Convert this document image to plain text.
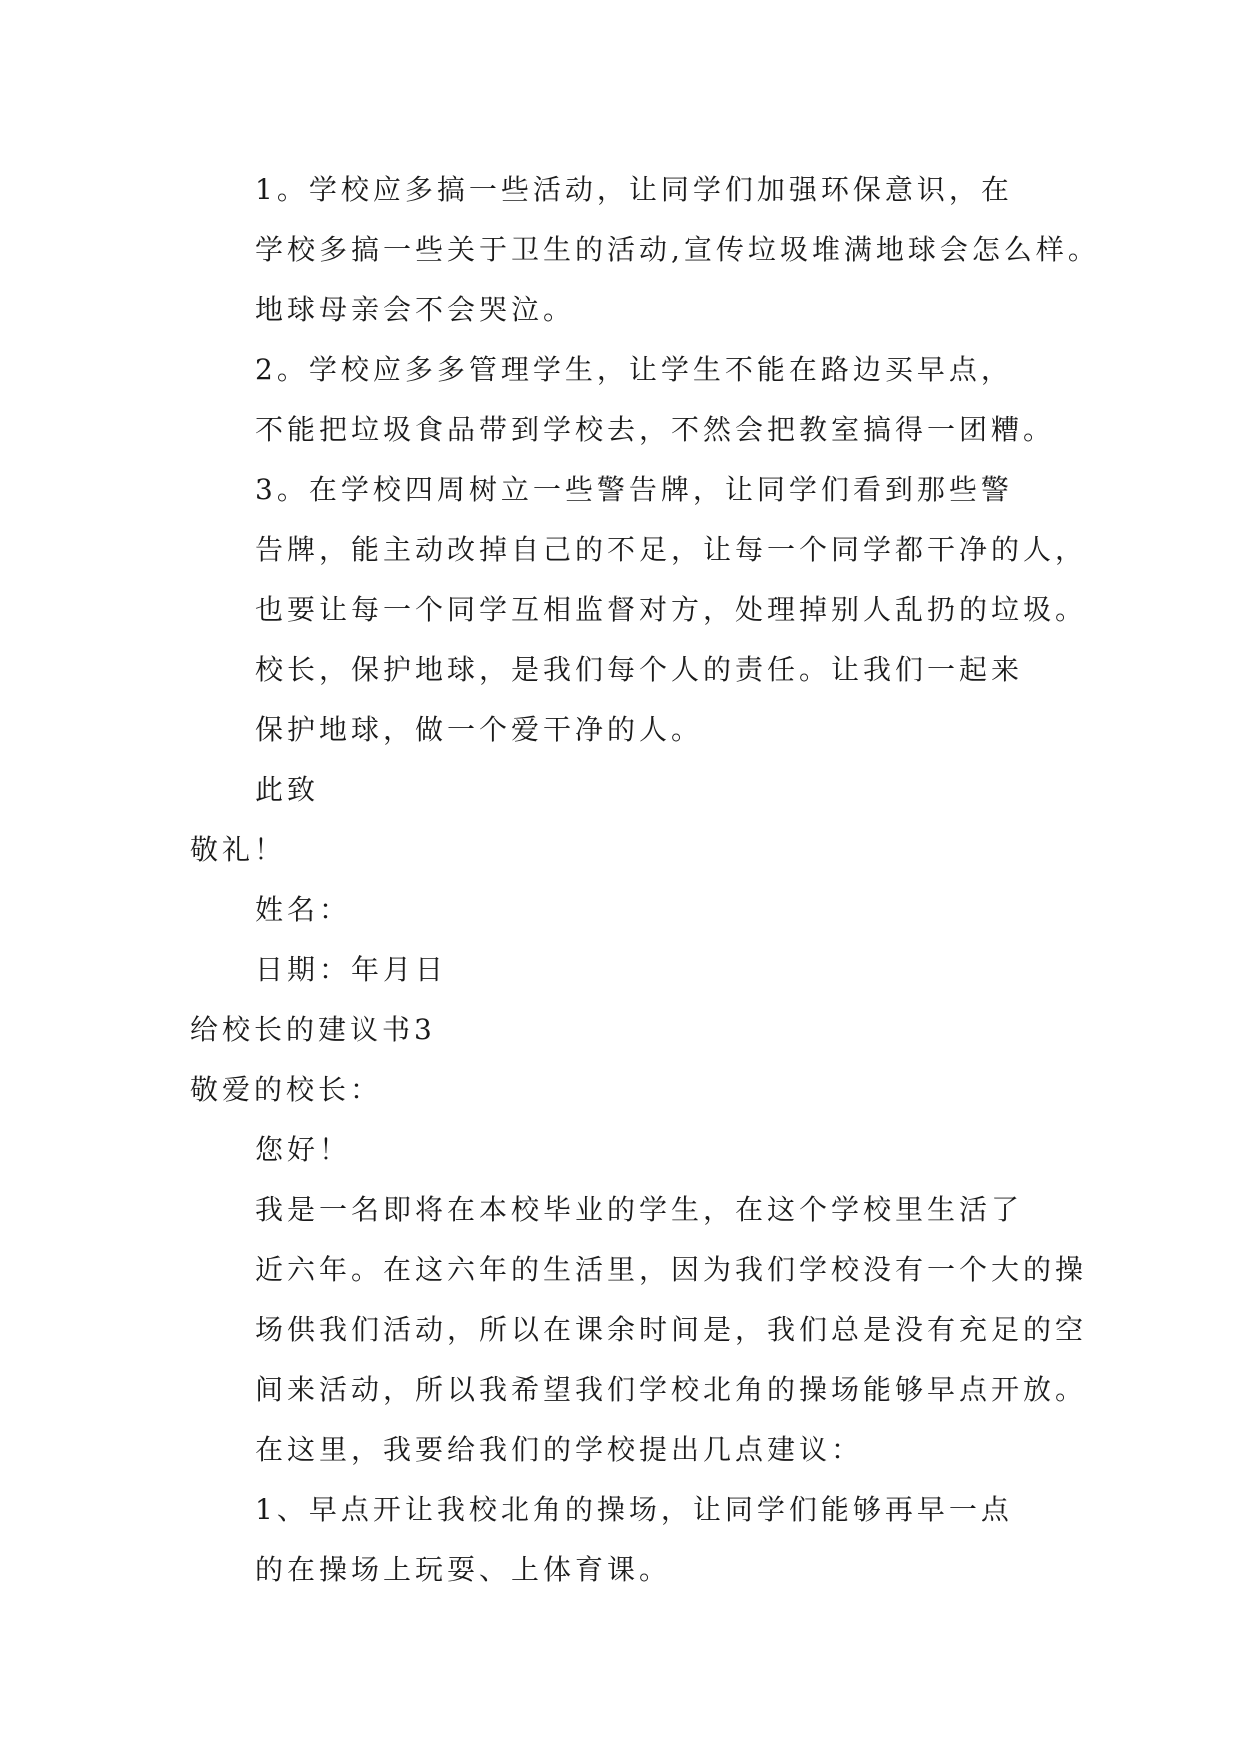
1。学校应多搞一些活动，让同学们加强环保意识，在
学校多搞一些关于卫生的活动,宣传垃圾堆满地球会怎么样。
地球母亲会不会哭泣。
2。学校应多多管理学生，让学生不能在路边买早点，
不能把垃圾食品带到学校去，不然会把教室搞得一团糟。
3。在学校四周树立一些警告牌，让同学们看到那些警
告牌，能主动改掉自己的不足，让每一个同学都干净的人，
也要让每一个同学互相监督对方，处理掉别人乱扔的垃圾。
校长，保护地球，是我们每个人的责任。让我们一起来
保护地球，做一个爱干净的人。
此致
敬礼！
姓名：
日期：年月日
给校长的建议书3
敬爱的校长：
您好！
我是一名即将在本校毕业的学生，在这个学校里生活了
近六年。在这六年的生活里，因为我们学校没有一个大的操
场供我们活动，所以在课余时间是，我们总是没有充足的空
间来活动，所以我希望我们学校北角的操场能够早点开放。
在这里，我要给我们的学校提出几点建议：
1、早点开让我校北角的操场，让同学们能够再早一点
的在操场上玩耍、上体育课。
